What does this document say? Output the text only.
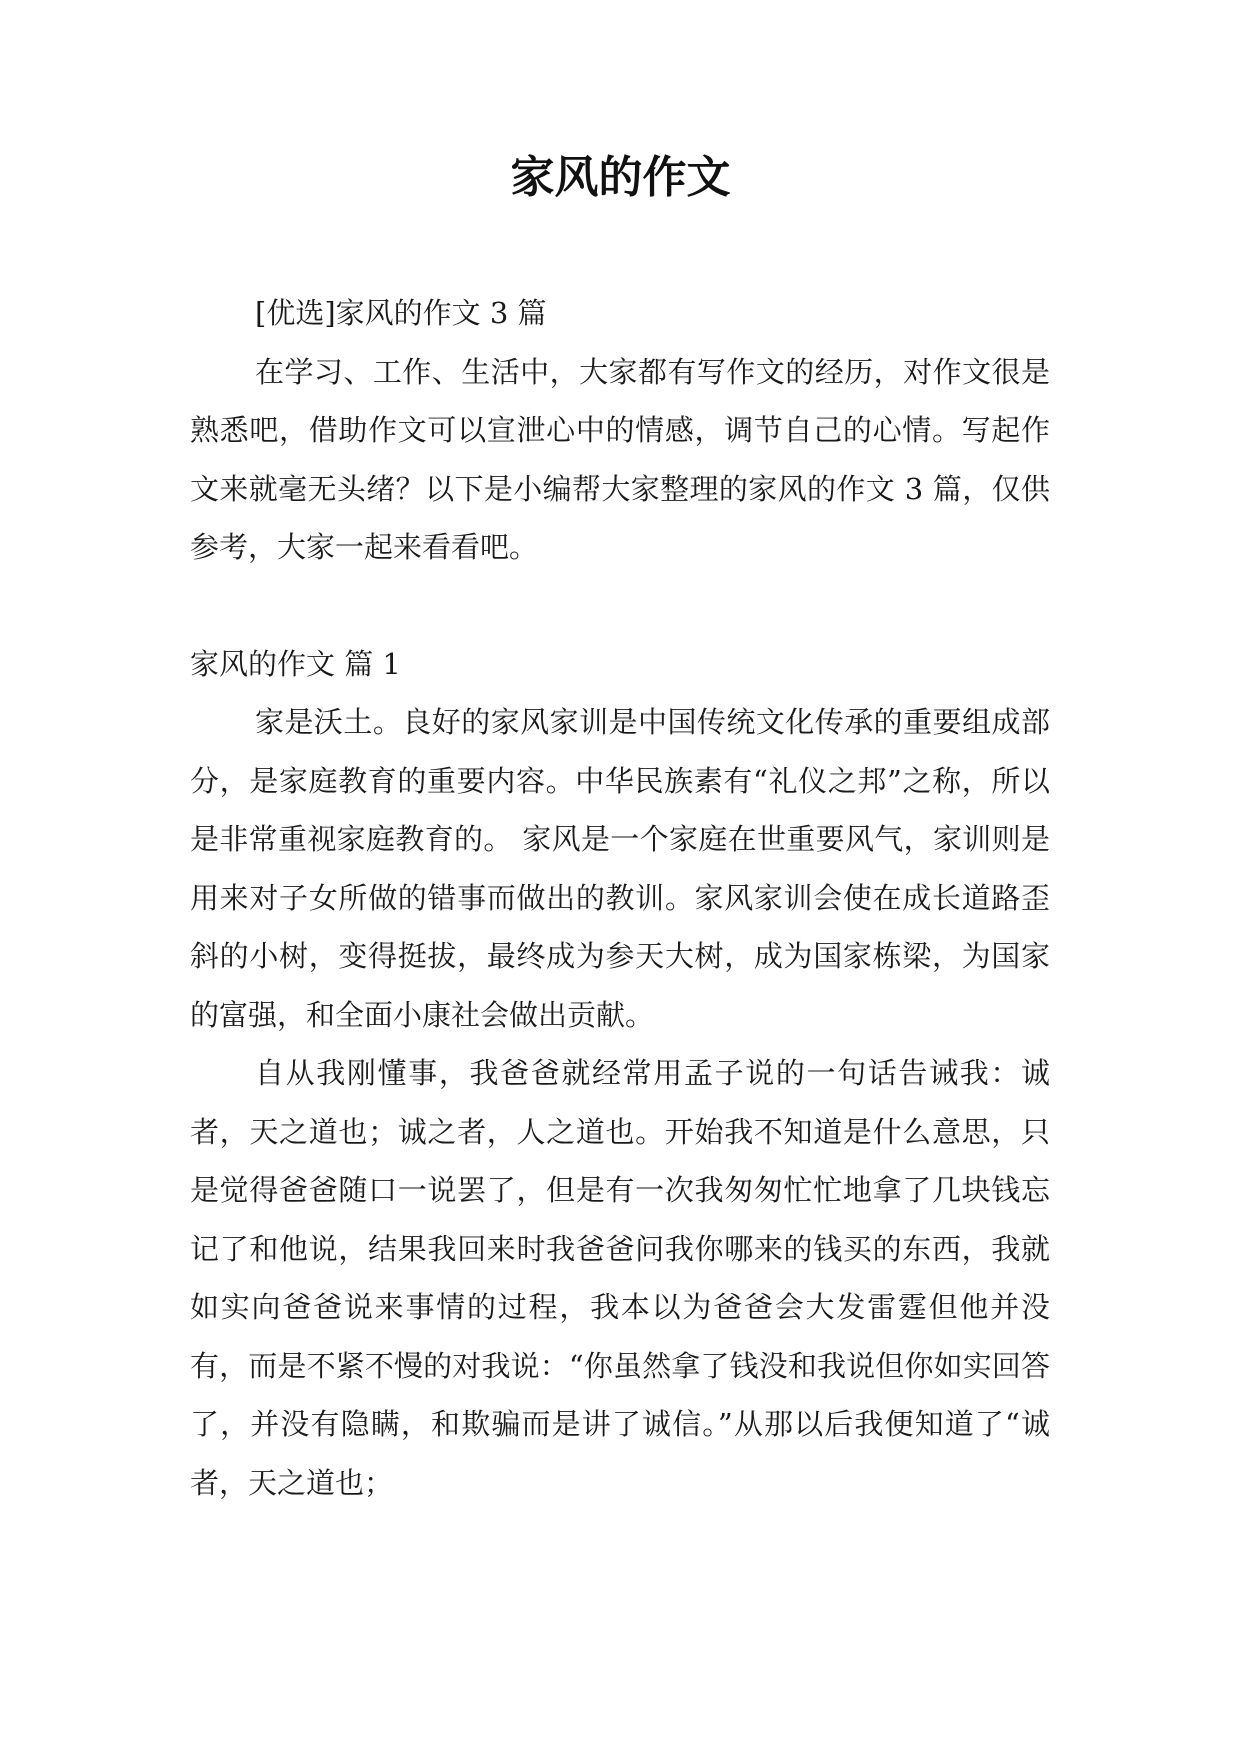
家风的作文

[优选]家风的作文 3 篇

在学习、工作、生活中，大家都有写作文的经历，对作文很是熟悉吧，借助作文可以宣泄心中的情感，调节自己的心情。写起作文来就毫无头绪？以下是小编帮大家整理的家风的作文 3 篇，仅供参考，大家一起来看看吧。

家风的作文 篇 1

家是沃土。良好的家风家训是中国传统文化传承的重要组成部分，是家庭教育的重要内容。中华民族素有“礼仪之邦”之称，所以是非常重视家庭教育的。 家风是一个家庭在世重要风气，家训则是用来对子女所做的错事而做出的教训。家风家训会使在成长道路歪斜的小树，变得挺拔，最终成为参天大树，成为国家栋梁，为国家的富强，和全面小康社会做出贡献。

自从我刚懂事，我爸爸就经常用孟子说的一句话告诫我：诚者，天之道也；诚之者，人之道也。开始我不知道是什么意思，只是觉得爸爸随口一说罢了，但是有一次我匆匆忙忙地拿了几块钱忘记了和他说，结果我回来时我爸爸问我你哪来的钱买的东西，我就如实向爸爸说来事情的过程，我本以为爸爸会大发雷霆但他并没有，而是不紧不慢的对我说：“你虽然拿了钱没和我说但你如实回答了，并没有隐瞒，和欺骗而是讲了诚信。”从那以后我便知道了“诚者，天之道也；
